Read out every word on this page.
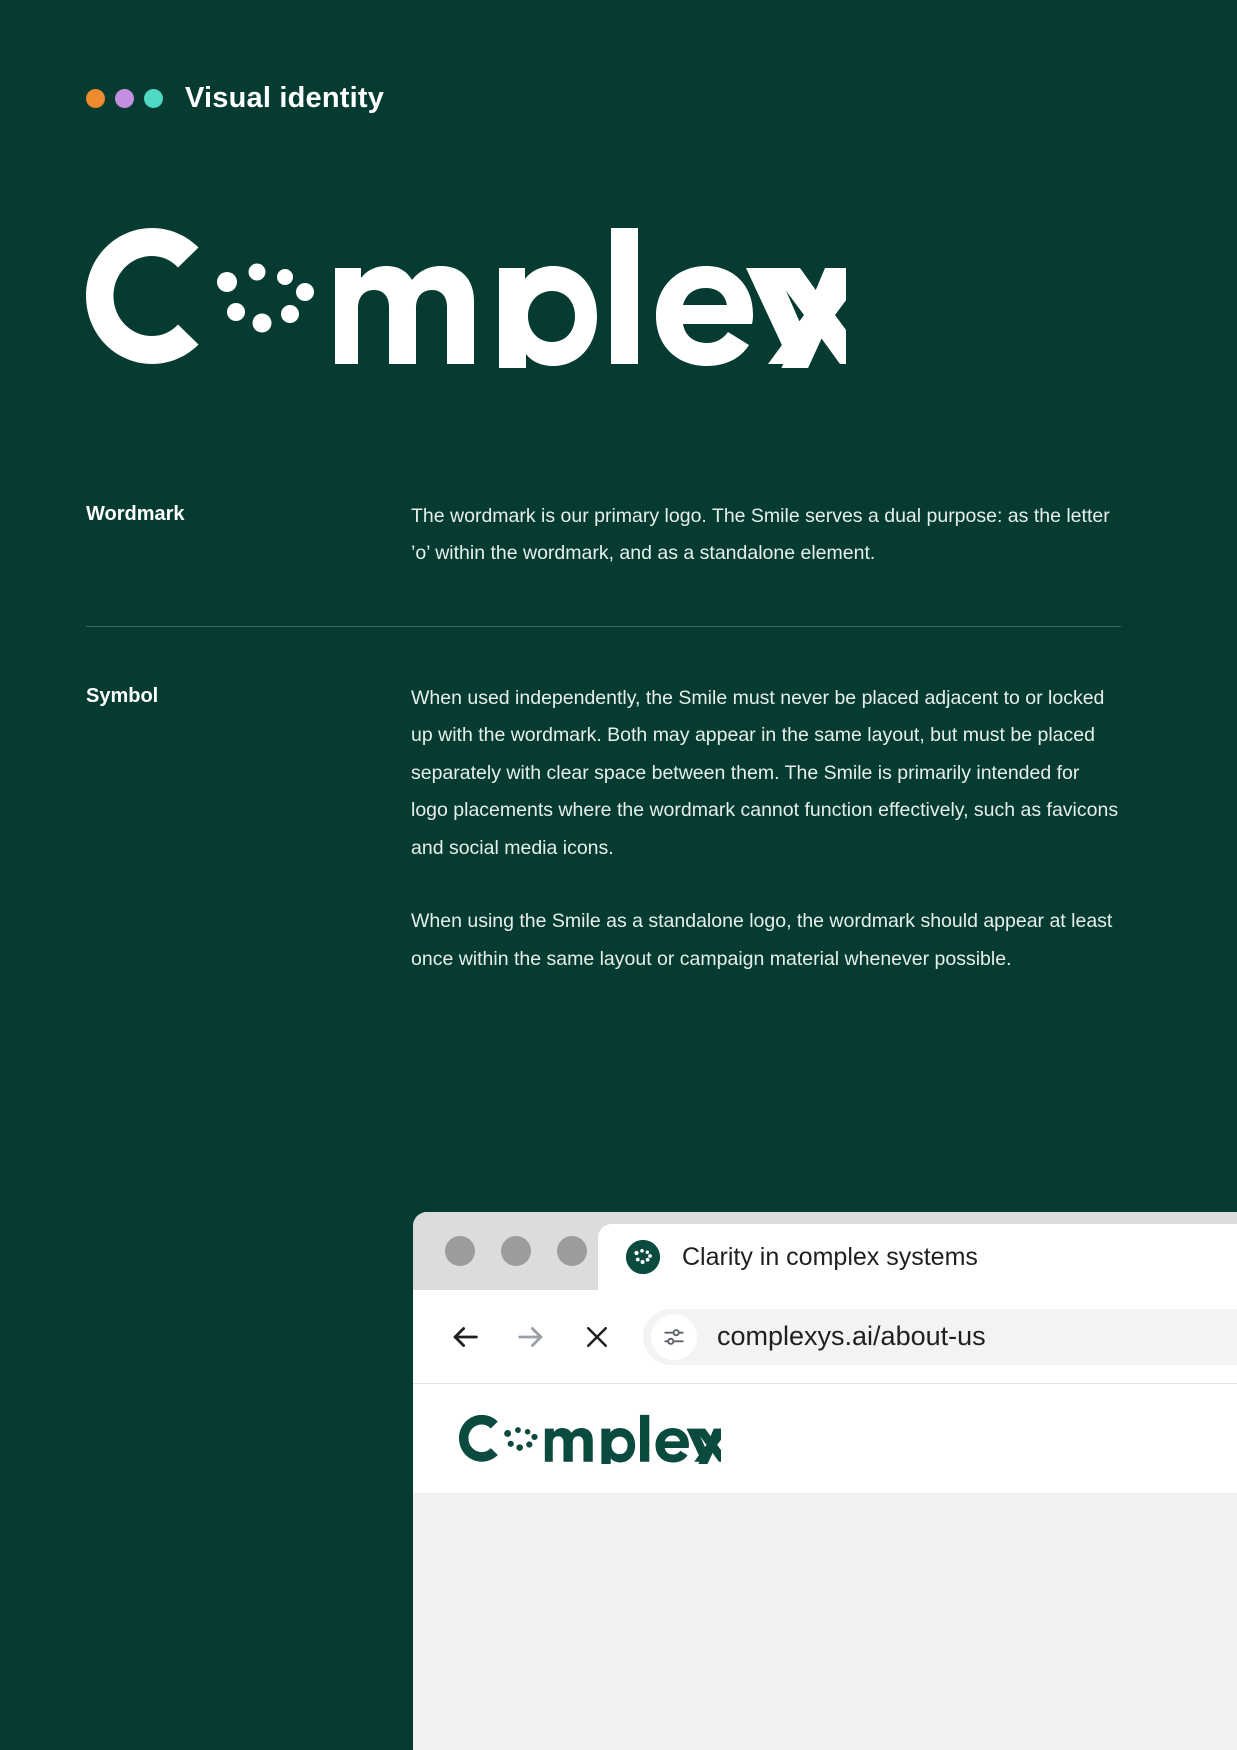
Visual identity
Wordmark	The wordmark is our primary logo. The Smile serves a dual purpose: as the letter ’o’ within the wordmark, and as a standalone element.

Symbol	When used independently, the Smile must never be placed adjacent to or locked up with the wordmark. Both may appear in the same layout, but must be placed separately with clear space between them. The Smile is primarily intended for logo placements where the wordmark cannot function effectively, such as favicons and social media icons.

When using the Smile as a standalone logo, the wordmark should appear at least once within the same layout or campaign material whenever possible.

Clarity in complex systems
complexys.ai/about-us
